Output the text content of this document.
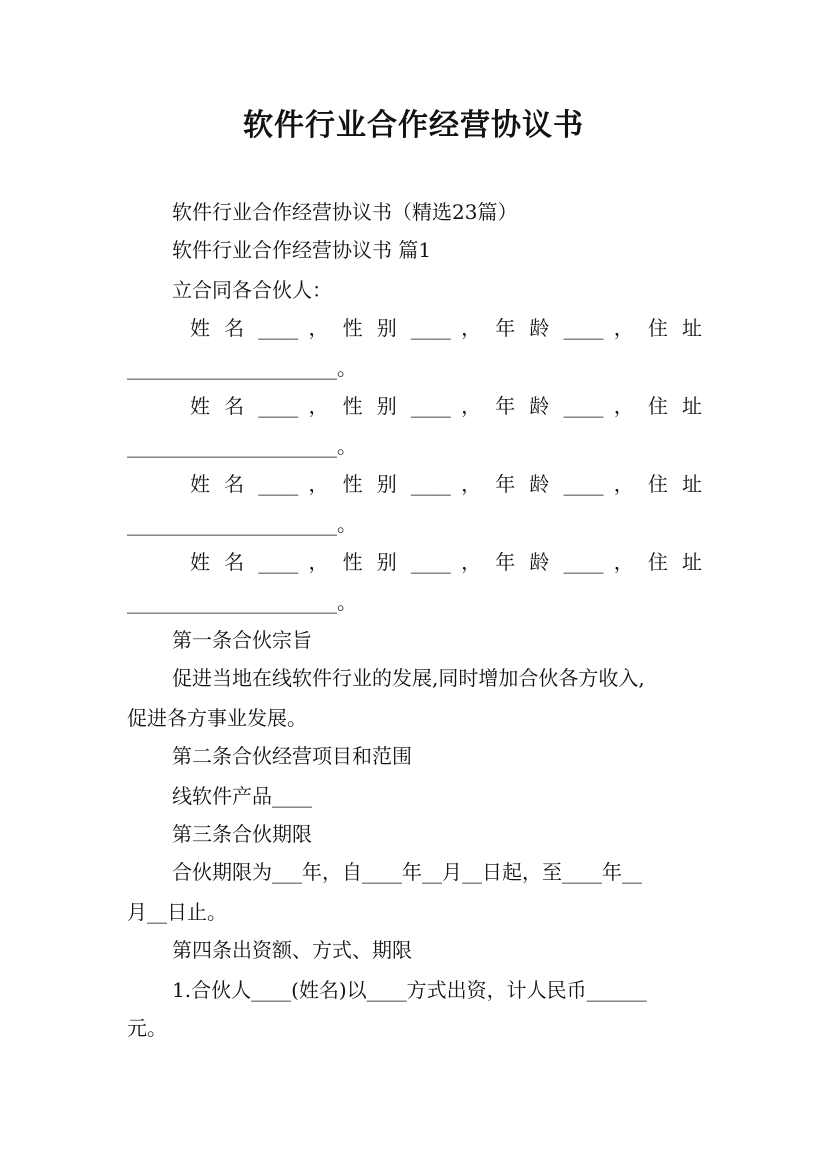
软件行业合作经营协议书
软件行业合作经营协议书（精选23篇）
软件行业合作经营协议书 篇1
立合同各合伙人：
姓 名 ____ ， 性 别 ____ ， 年 龄 ____ ， 住 址
_____________________。
姓 名 ____ ， 性 别 ____ ， 年 龄 ____ ， 住 址
_____________________。
姓 名 ____ ， 性 别 ____ ， 年 龄 ____ ， 住 址
_____________________。
姓 名 ____ ， 性 别 ____ ， 年 龄 ____ ， 住 址
_____________________。
第一条合伙宗旨
促进当地在线软件行业的发展,同时增加合伙各方收入,
促进各方事业发展。
第二条合伙经营项目和范围
线软件产品____
第三条合伙期限
合伙期限为___年，自____年__月__日起，至____年__
月__日止。
第四条出资额、方式、期限
1.合伙人____(姓名)以____方式出资，计人民币______
元。
